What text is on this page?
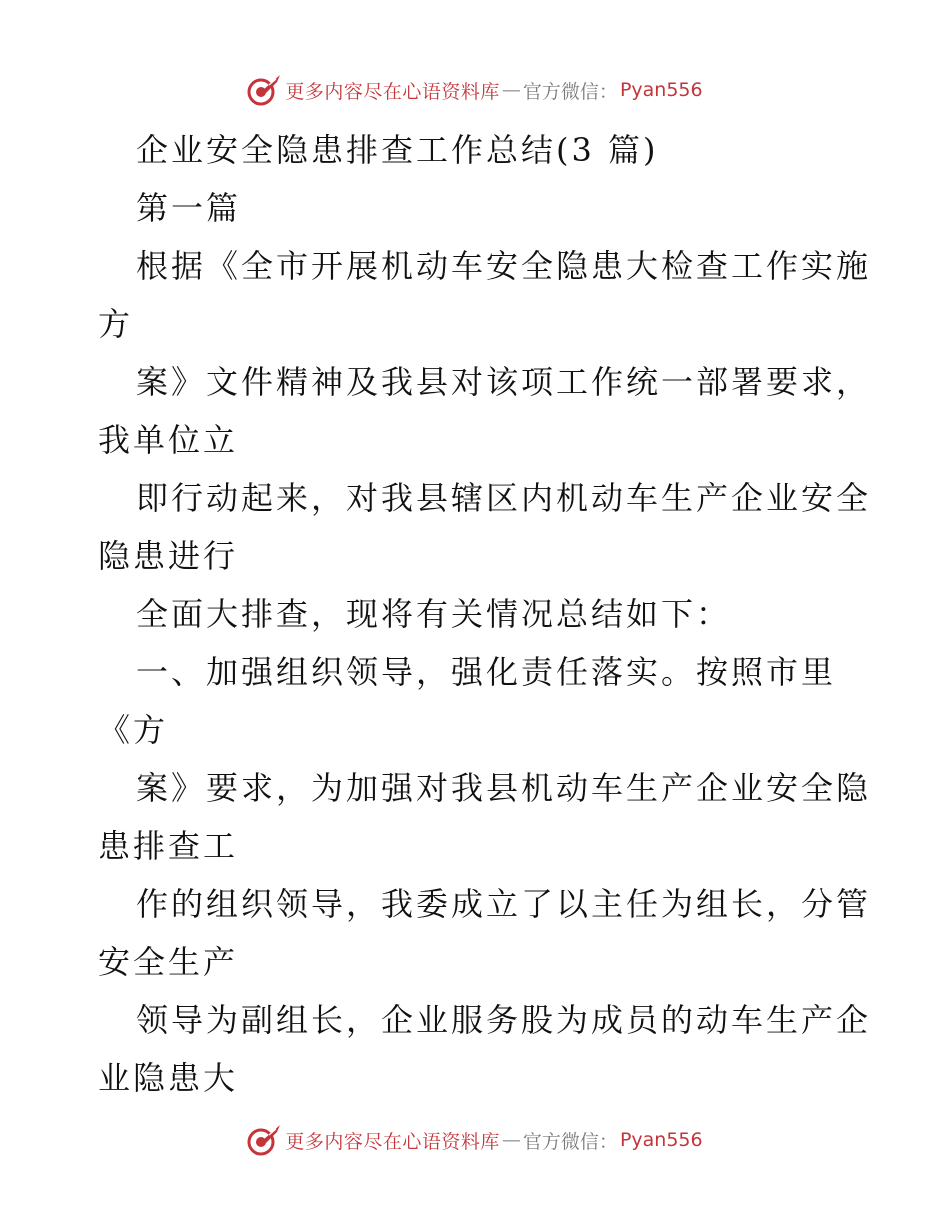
更多内容尽在心语资料库 — 官方微信： Pyan556
企业安全隐患排查工作总结(3 篇)
第一篇
根据《全市开展机动车安全隐患大检查工作实施
方
案》文件精神及我县对该项工作统一部署要求，
我单位立
即行动起来，对我县辖区内机动车生产企业安全
隐患进行
全面大排查，现将有关情况总结如下：
一、加强组织领导，强化责任落实。按照市里
《方
案》要求，为加强对我县机动车生产企业安全隐
患排查工
作的组织领导，我委成立了以主任为组长，分管
安全生产
领导为副组长，企业服务股为成员的动车生产企
业隐患大
更多内容尽在心语资料库 — 官方微信： Pyan556
